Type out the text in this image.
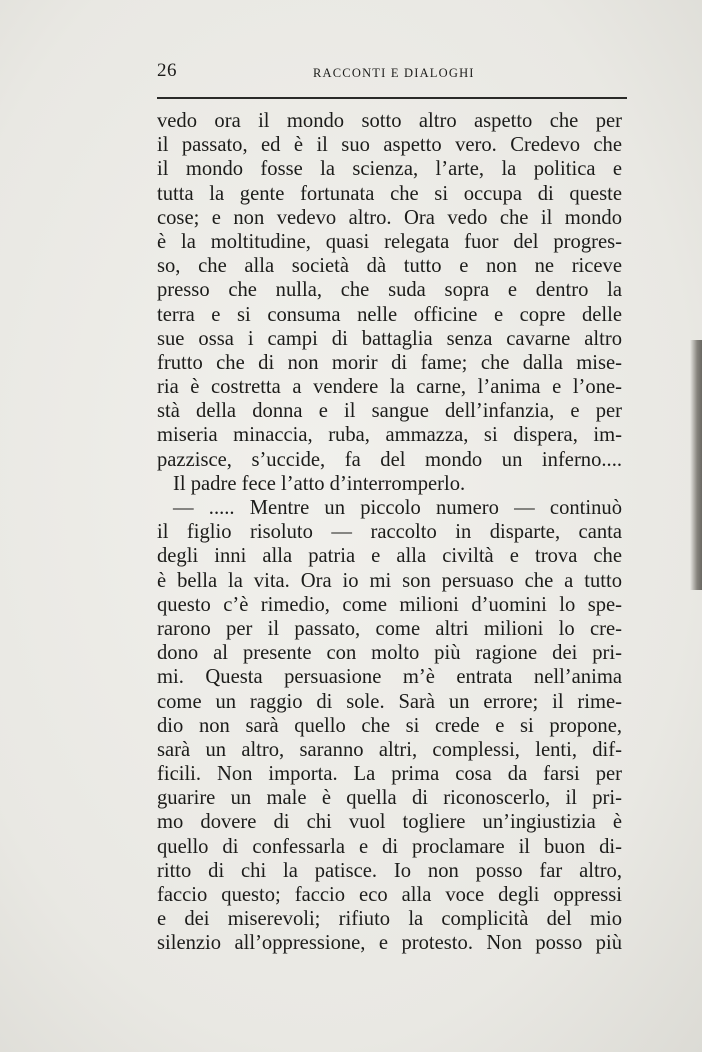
26	RACCONTI E DIALOGHI
vedo ora il mondo sotto altro aspetto che per
il passato, ed è il suo aspetto vero. Credevo che
il mondo fosse la scienza, l’arte, la politica e
tutta la gente fortunata che si occupa di queste
cose; e non vedevo altro. Ora vedo che il mondo
è la moltitudine, quasi relegata fuor del progres-
so, che alla società dà tutto e non ne riceve
presso che nulla, che suda sopra e dentro la
terra e si consuma nelle officine e copre delle
sue ossa i campi di battaglia senza cavarne altro
frutto che di non morir di fame; che dalla mise-
ria è costretta a vendere la carne, l’anima e l’one-
stà della donna e il sangue dell’infanzia, e per
miseria minaccia, ruba, ammazza, si dispera, im-
pazzisce, s’uccide, fa del mondo un inferno....
Il padre fece l’atto d’interromperlo.
— ..... Mentre un piccolo numero — continuò
il figlio risoluto — raccolto in disparte, canta
degli inni alla patria e alla civiltà e trova che
è bella la vita. Ora io mi son persuaso che a tutto
questo c’è rimedio, come milioni d’uomini lo spe-
rarono per il passato, come altri milioni lo cre-
dono al presente con molto più ragione dei pri-
mi. Questa persuasione m’è entrata nell’anima
come un raggio di sole. Sarà un errore; il rime-
dio non sarà quello che si crede e si propone,
sarà un altro, saranno altri, complessi, lenti, dif-
ficili. Non importa. La prima cosa da farsi per
guarire un male è quella di riconoscerlo, il pri-
mo dovere di chi vuol togliere un’ingiustizia è
quello di confessarla e di proclamare il buon di-
ritto di chi la patisce. Io non posso far altro,
faccio questo; faccio eco alla voce degli oppressi
e dei miserevoli; rifiuto la complicità del mio
silenzio all’oppressione, e protesto. Non posso più
